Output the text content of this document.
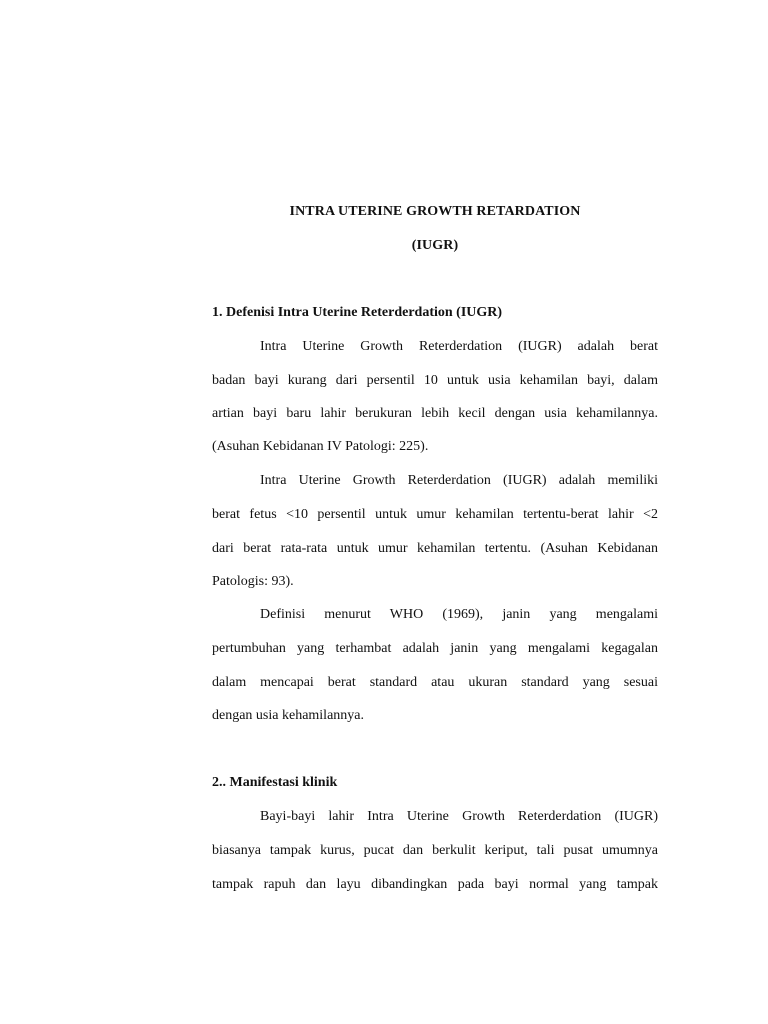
INTRA UTERINE GROWTH RETARDATION
(IUGR)
1. Defenisi Intra Uterine Reterderdation (IUGR)
Intra Uterine Growth Reterderdation (IUGR) adalah berat
badan bayi kurang dari persentil 10 untuk usia kehamilan bayi, dalam
artian bayi baru lahir berukuran lebih kecil dengan usia kehamilannya.
(Asuhan Kebidanan IV Patologi: 225).
Intra Uterine Growth Reterderdation (IUGR) adalah memiliki
berat fetus <10 persentil untuk umur kehamilan tertentu-berat lahir <2
dari berat rata-rata untuk umur kehamilan tertentu. (Asuhan Kebidanan
Patologis: 93).
Definisi menurut WHO (1969), janin yang mengalami
pertumbuhan yang terhambat adalah janin yang mengalami kegagalan
dalam mencapai berat standard atau ukuran standard yang sesuai
dengan usia kehamilannya.
2.. Manifestasi klinik
Bayi-bayi lahir Intra Uterine Growth Reterderdation (IUGR)
biasanya tampak kurus, pucat dan berkulit keriput, tali pusat umumnya
tampak rapuh dan layu dibandingkan pada bayi normal yang tampak
